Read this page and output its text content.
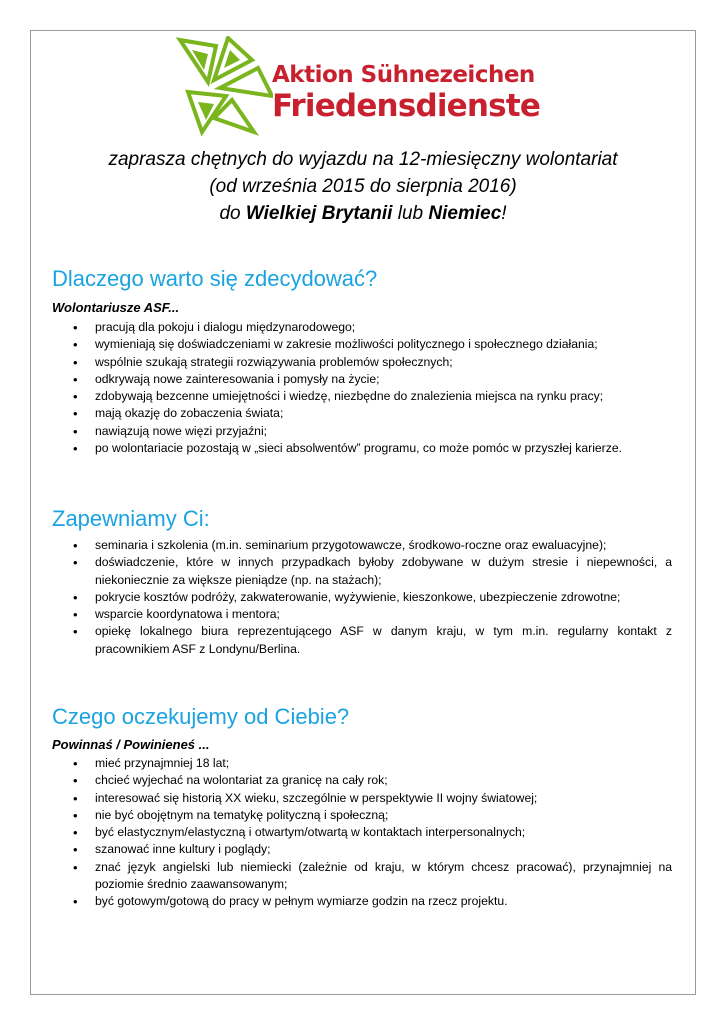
Aktion Sühnezeichen
Friedensdienste
zaprasza chętnych do wyjazdu na 12-miesięczny wolontariat
(od września 2015 do sierpnia 2016)
do Wielkiej Brytanii lub Niemiec!
Dlaczego warto się zdecydować?
Wolontariusze ASF...
• pracują dla pokoju i dialogu międzynarodowego;
• wymieniają się doświadczeniami w zakresie możliwości politycznego i społecznego działania;
• wspólnie szukają strategii rozwiązywania problemów społecznych;
• odkrywają nowe zainteresowania i pomysły na życie;
• zdobywają bezcenne umiejętności i wiedzę, niezbędne do znalezienia miejsca na rynku pracy;
• mają okazję do zobaczenia świata;
• nawiązują nowe więzi przyjaźni;
• po wolontariacie pozostają w „sieci absolwentów” programu, co może pomóc w przyszłej karierze.
Zapewniamy Ci:
• seminaria i szkolenia (m.in. seminarium przygotowawcze, środkowo-roczne oraz ewaluacyjne);
• doświadczenie, które w innych przypadkach byłoby zdobywane w dużym stresie i niepewności, a niekoniecznie za większe pieniądze (np. na stażach);
• pokrycie kosztów podróży, zakwaterowanie, wyżywienie, kieszonkowe, ubezpieczenie zdrowotne;
• wsparcie koordynatowa i mentora;
• opiekę lokalnego biura reprezentującego ASF w danym kraju, w tym m.in. regularny kontakt z pracownikiem ASF z Londynu/Berlina.
Czego oczekujemy od Ciebie?
Powinnaś / Powinieneś ...
• mieć przynajmniej 18 lat;
• chcieć wyjechać na wolontariat za granicę na cały rok;
• interesować się historią XX wieku, szczególnie w perspektywie II wojny światowej;
• nie być obojętnym na tematykę polityczną i społeczną;
• być elastycznym/elastyczną i otwartym/otwartą w kontaktach interpersonalnych;
• szanować inne kultury i poglądy;
• znać język angielski lub niemiecki (zależnie od kraju, w którym chcesz pracować), przynajmniej na poziomie średnio zaawansowanym;
• być gotowym/gotową do pracy w pełnym wymiarze godzin na rzecz projektu.
